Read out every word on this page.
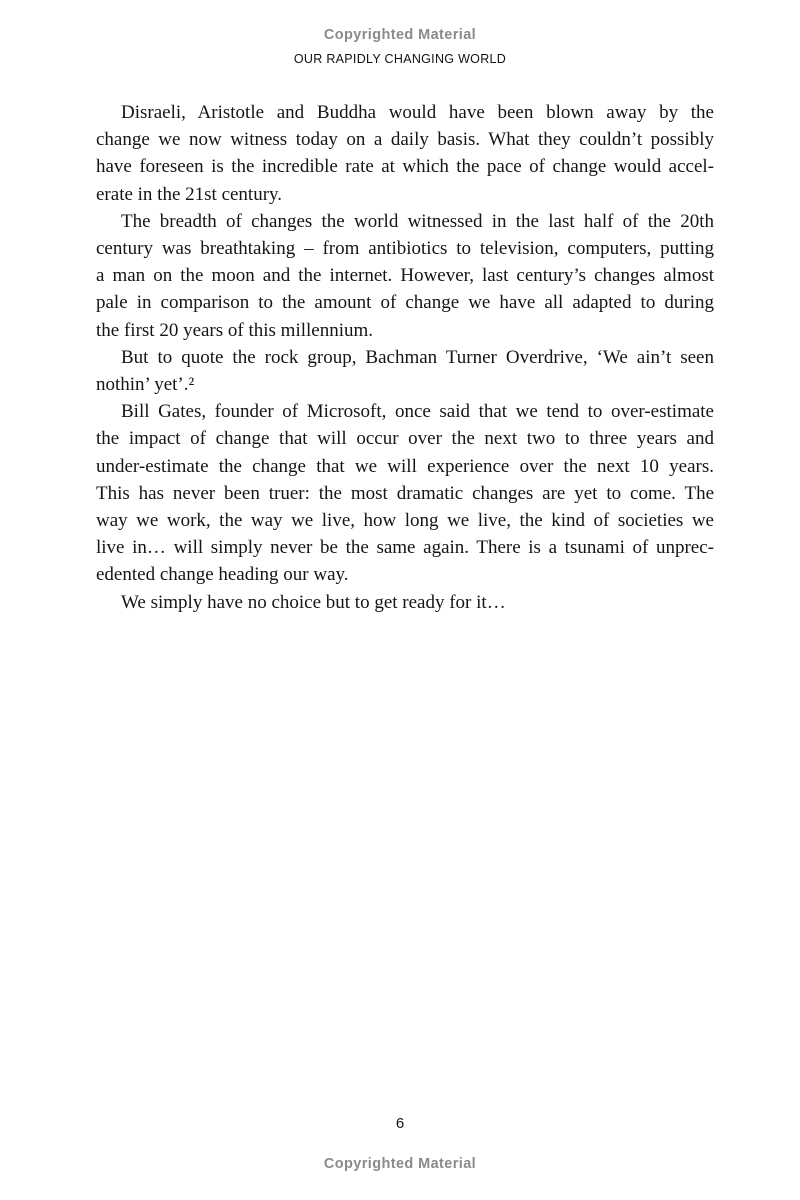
Copyrighted Material
OUR RAPIDLY CHANGING WORLD
Disraeli, Aristotle and Buddha would have been blown away by the
change we now witness today on a daily basis. What they couldn’t possibly
have foreseen is the incredible rate at which the pace of change would accel-
erate in the 21st century.
The breadth of changes the world witnessed in the last half of the 20th
century was breathtaking – from antibiotics to television, computers, putting
a man on the moon and the internet. However, last century’s changes almost
pale in comparison to the amount of change we have all adapted to during
the first 20 years of this millennium.
But to quote the rock group, Bachman Turner Overdrive, ‘We ain’t seen
nothin’ yet’.²
Bill Gates, founder of Microsoft, once said that we tend to over-estimate
the impact of change that will occur over the next two to three years and
under-estimate the change that we will experience over the next 10 years.
This has never been truer: the most dramatic changes are yet to come. The
way we work, the way we live, how long we live, the kind of societies we
live in… will simply never be the same again. There is a tsunami of unprec-
edented change heading our way.
We simply have no choice but to get ready for it…
6
Copyrighted Material
